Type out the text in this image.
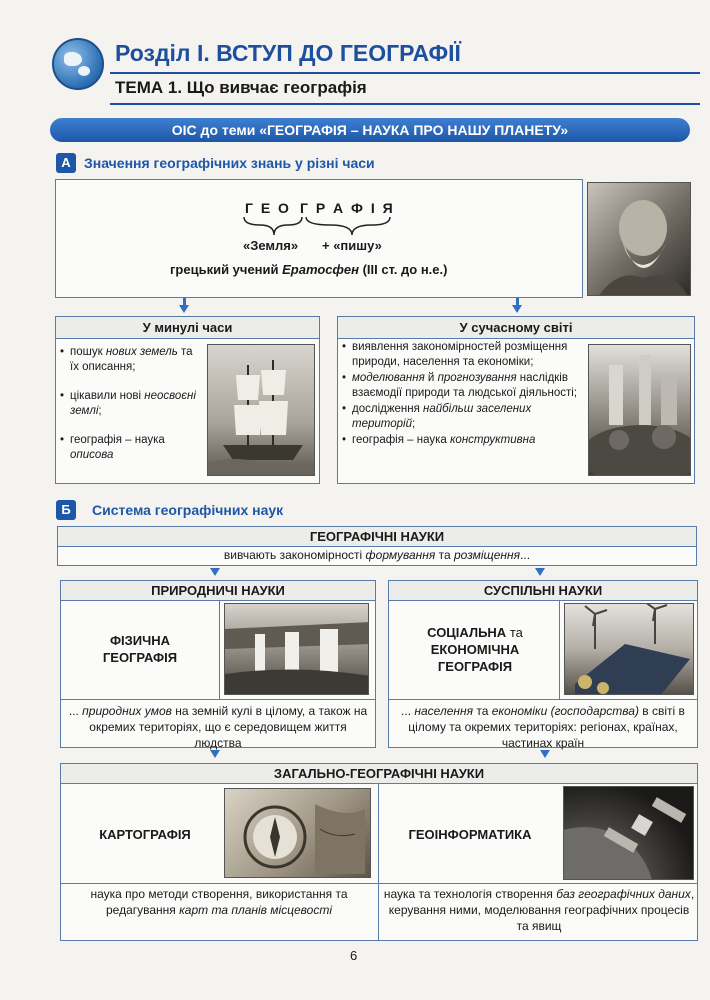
Розділ І. ВСТУП ДО ГЕОГРАФІЇ
ТЕМА 1. Що вивчає географія
ОІС до теми «ГЕОГРАФІЯ – НАУКА ПРО НАШУ ПЛАНЕТУ»
А Значення географічних знань у різні часи
Г Е О Г Р А Ф І Я
«Земля» + «пишу»
грецький учений Ератосфен (ІІІ ст. до н.е.)
У минулі часи
• пошук нових земель та їх описання;
• цікавили нові неосвоєні землі;
• географія – наука описова
У сучасному світі
• виявлення закономірностей розміщення природи, населення та економіки;
• моделювання й прогнозування наслідків взаємодії природи та людської діяльності;
• дослідження найбільш заселених територій;
• географія – наука конструктивна
Б	Система географічних наук
ГЕОГРАФІЧНІ НАУКИ
вивчають закономірності формування та розміщення...
ПРИРОДНИЧІ НАУКИ
ФІЗИЧНА ГЕОГРАФІЯ
... природних умов на земній кулі в цілому, а також на окремих територіях, що є середовищем життя людства
СУСПІЛЬНІ НАУКИ
СОЦІАЛЬНА та
ЕКОНОМІЧНА ГЕОГРАФІЯ
... населення та економіки (господарства) в світі в цілому та окремих територіях: регіонах, країнах, частинах країн
ЗАГАЛЬНО-ГЕОГРАФІЧНІ НАУКИ
КАРТОГРАФІЯ
наука про методи створення, використання та редагування карт та планів місцевості
ГЕОІНФОРМАТИКА
наука та технологія створення баз географічних даних, керування ними, моделювання географічних процесів та явищ
6
